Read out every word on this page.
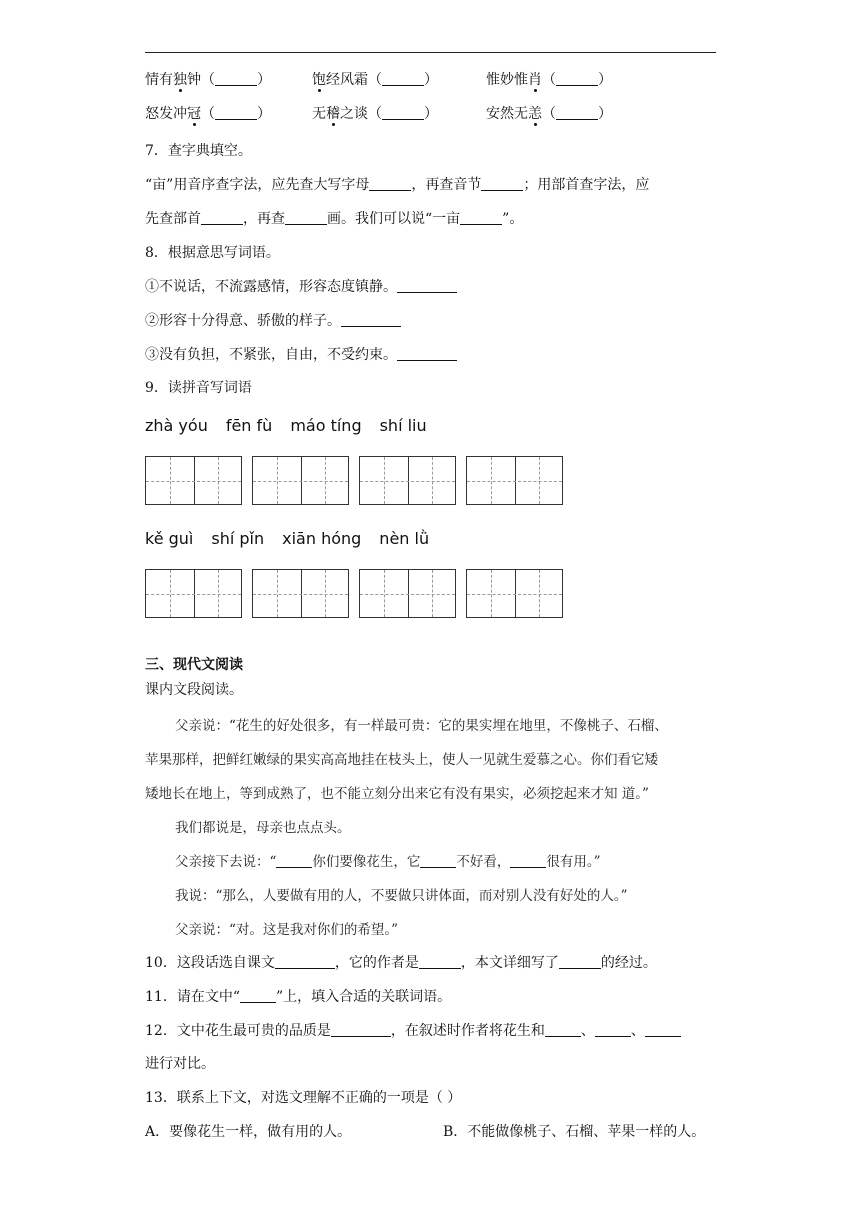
情有独钟（	）	饱经风霜（	）	惟妙惟肖（	）
怒发冲冠（	）	无稽之谈（	）	安然无恙（	）
7．查字典填空。
“亩”用音序查字法，应先查大写字母	，再查音节	；用部首查字法，应
先查部首	，再查	画。我们可以说“一亩	”。
8．根据意思写词语。
①不说话，不流露感情，形容态度镇静。
②形容十分得意、骄傲的样子。
③没有负担，不紧张，自由，不受约束。
9．读拼音写词语
zhà yóu fēn fù máo tíng shí liu
kě guì shí pǐn xiān hóng nèn lǜ
三、现代文阅读
课内文段阅读。
父亲说：“花生的好处很多，有一样最可贵：它的果实埋在地里，不像桃子、石榴、
苹果那样，把鲜红嫩绿的果实高高地挂在枝头上，使人一见就生爱慕之心。你们看它矮
矮地长在地上，等到成熟了，也不能立刻分出来它有没有果实，必须挖起来才知 道。”
我们都说是，母亲也点点头。
父亲接下去说：“	你们要像花生，它	不好看，	很有用。”
我说：“那么，人要做有用的人，不要做只讲体面，而对别人没有好处的人。”
父亲说：“对。这是我对你们的希望。”
10．这段话选自课文	，它的作者是	，本文详细写了	的经过。
11．请在文中“	”上，填入合适的关联词语。
12．文中花生最可贵的品质是	，在叙述时作者将花生和	、	、
进行对比。
13．联系上下文，对选文理解不正确的一项是（ ）
A．要像花生一样，做有用的人。	B．不能做像桃子、石榴、苹果一样的人。
